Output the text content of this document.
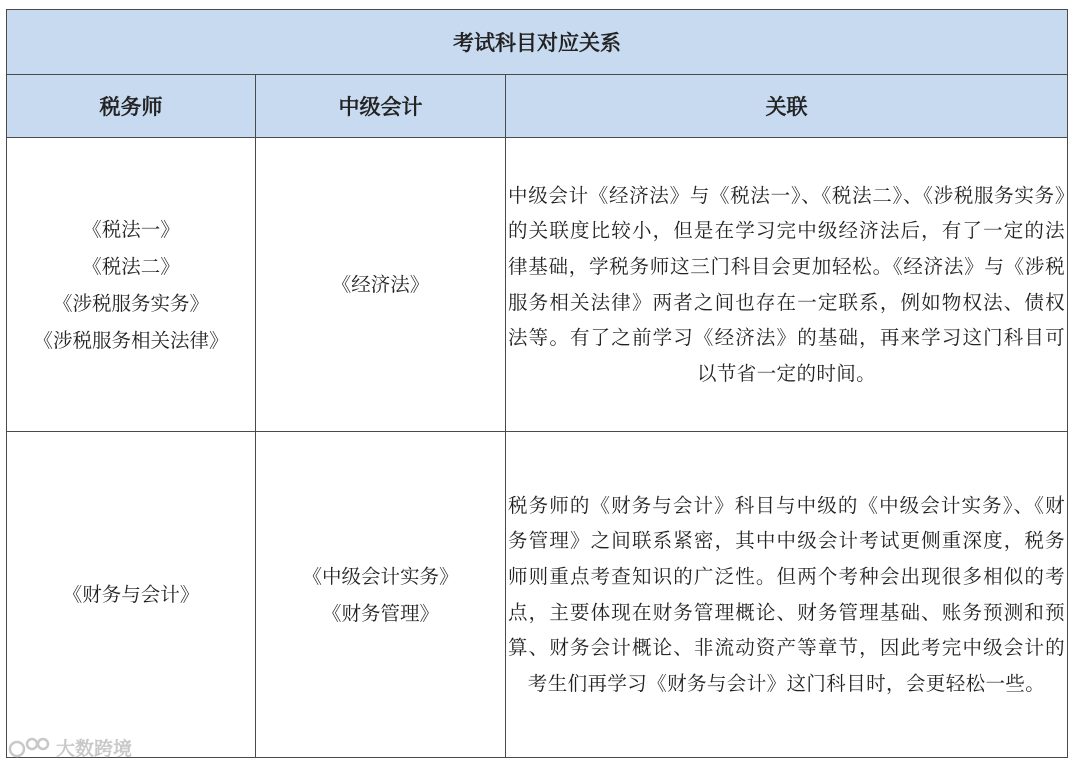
考试科目对应关系
税务师	中级会计	关联
《税法一》
《税法二》
《涉税服务实务》
《涉税服务相关法律》
《经济法》
中级会计《经济法》与《税法一》、《税法二》、《涉税服务实务》的关联度比较小，但是在学习完中级经济法后，有了一定的法律基础，学税务师这三门科目会更加轻松。《经济法》与《涉税服务相关法律》两者之间也存在一定联系，例如物权法、债权法等。有了之前学习《经济法》的基础，再来学习这门科目可以节省一定的时间。
《财务与会计》
《中级会计实务》
《财务管理》
税务师的《财务与会计》科目与中级的《中级会计实务》、《财务管理》之间联系紧密，其中中级会计考试更侧重深度，税务师则重点考查知识的广泛性。但两个考种会出现很多相似的考点，主要体现在财务管理概论、财务管理基础、账务预测和预算、财务会计概论、非流动资产等章节，因此考完中级会计的考生们再学习《财务与会计》这门科目时，会更轻松一些。
大数跨境
